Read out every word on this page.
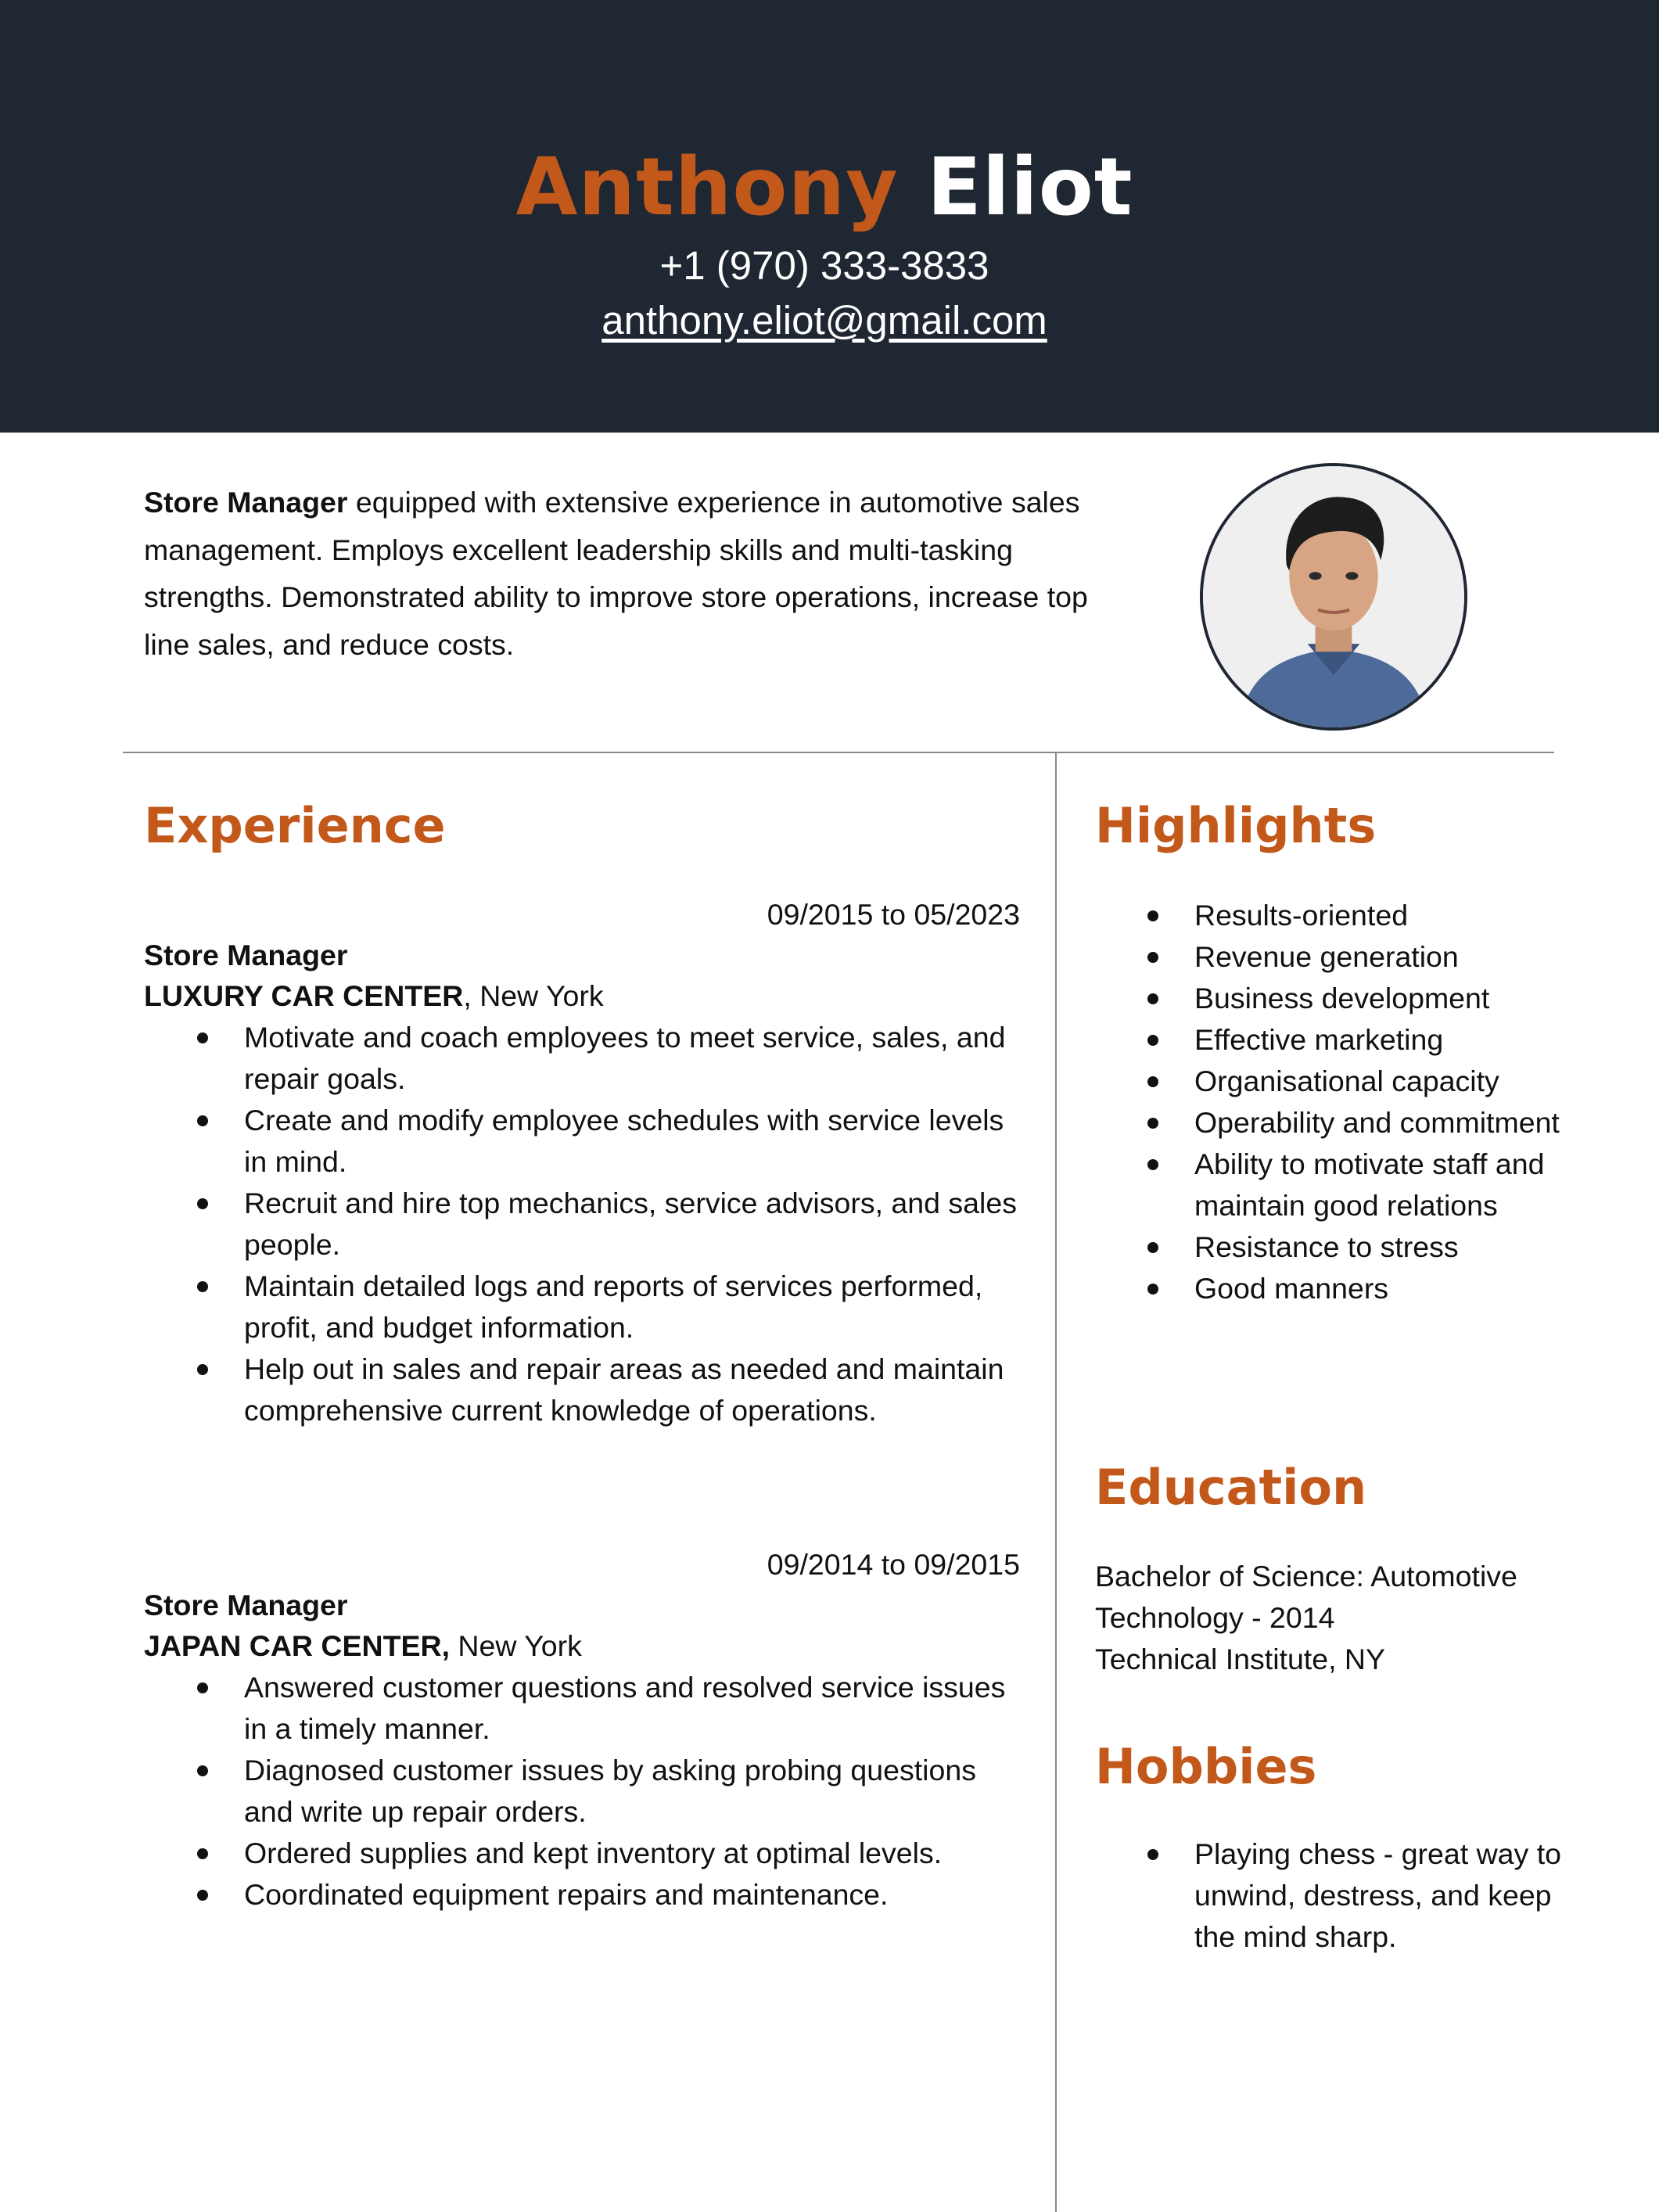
Anthony Eliot
+1 (970) 333-3833
anthony.eliot@gmail.com
Store Manager equipped with extensive experience in automotive sales management. Employs excellent leadership skills and multi-tasking strengths. Demonstrated ability to improve store operations, increase top line sales, and reduce costs.
Experience
09/2015 to 05/2023
Store Manager
LUXURY CAR CENTER, New York
Motivate and coach employees to meet service, sales, and repair goals.
Create and modify employee schedules with service levels in mind.
Recruit and hire top mechanics, service advisors, and sales people.
Maintain detailed logs and reports of services performed, profit, and budget information.
Help out in sales and repair areas as needed and maintain comprehensive current knowledge of operations.
09/2014 to 09/2015
Store Manager
JAPAN CAR CENTER, New York
Answered customer questions and resolved service issues in a timely manner.
Diagnosed customer issues by asking probing questions and write up repair orders.
Ordered supplies and kept inventory at optimal levels.
Coordinated equipment repairs and maintenance.
Highlights
Results-oriented
Revenue generation
Business development
Effective marketing
Organisational capacity
Operability and commitment
Ability to motivate staff and maintain good relations
Resistance to stress
Good manners
Education
Bachelor of Science: Automotive
Technology - 2014
Technical Institute, NY
Hobbies
Playing chess - great way to unwind, destress, and keep the mind sharp.
